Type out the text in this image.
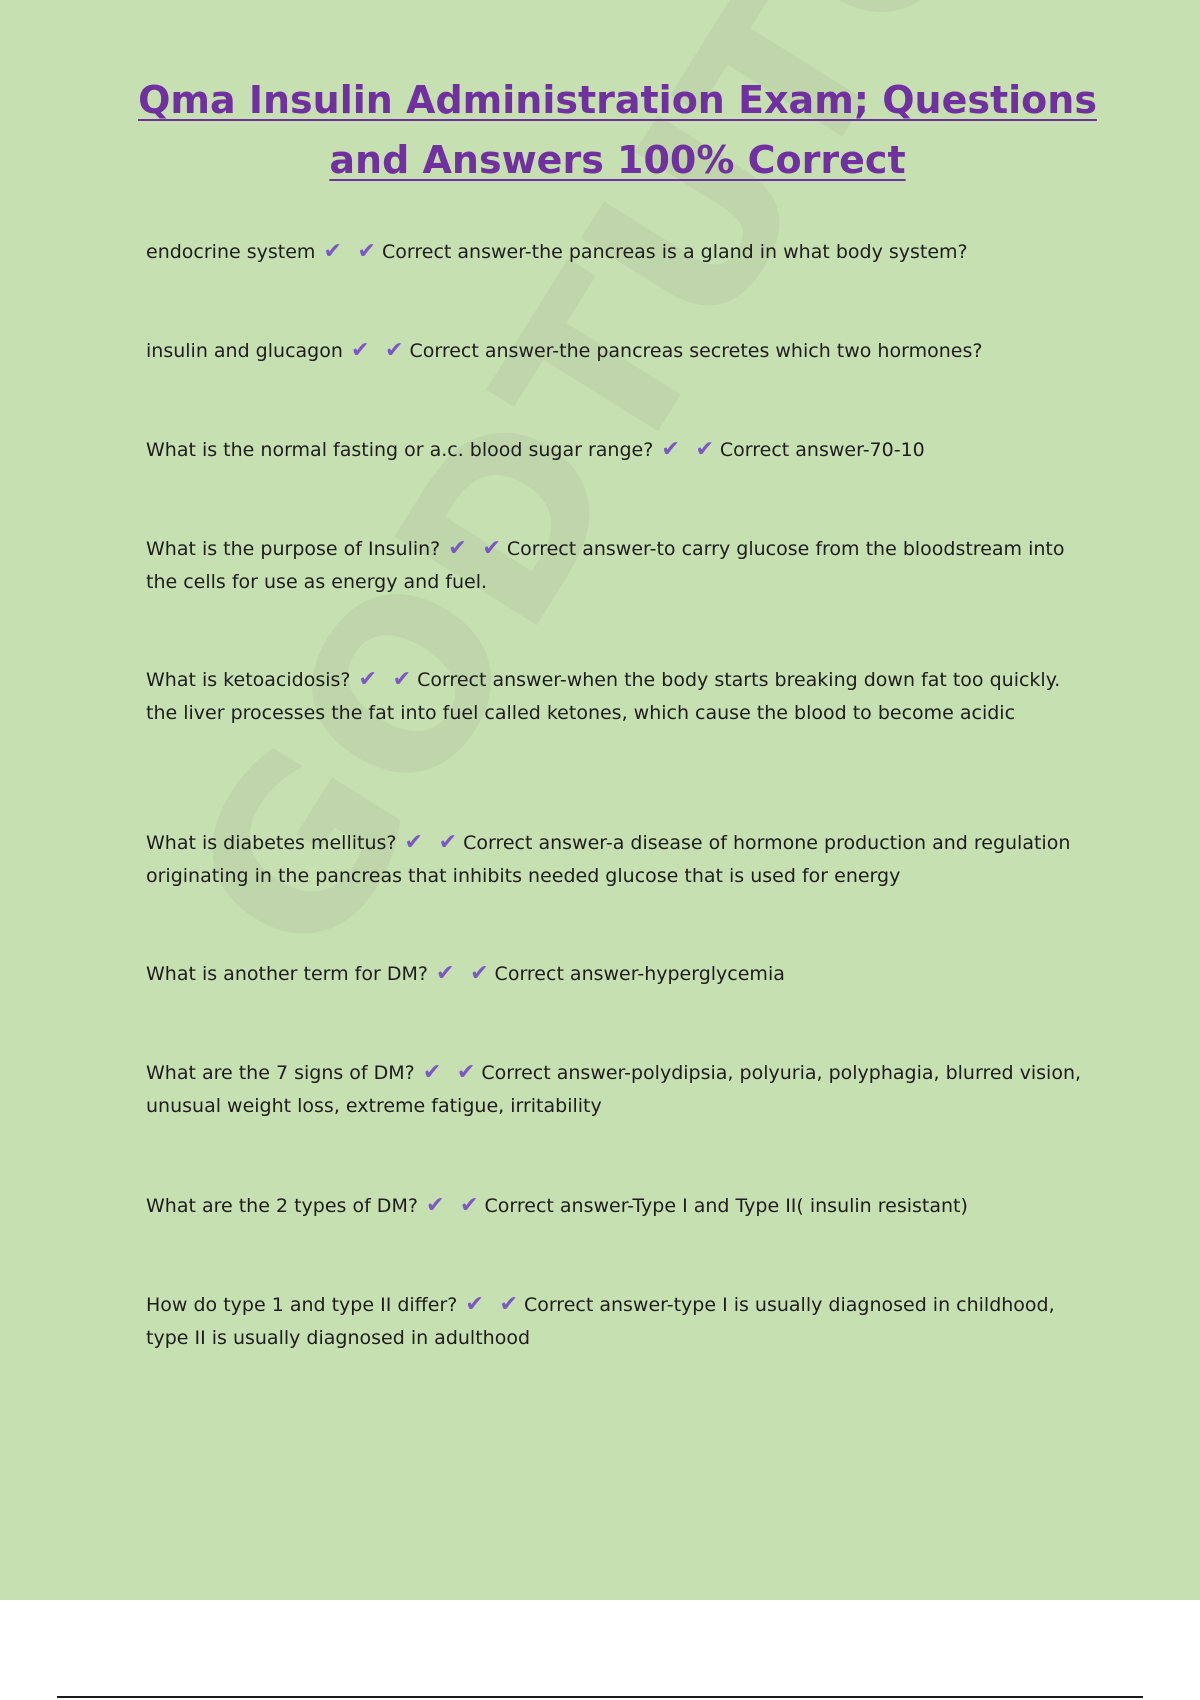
Qma Insulin Administration Exam; Questions and Answers 100% Correct

endocrine system ✔ ✔ Correct answer-the pancreas is a gland in what body system?

insulin and glucagon ✔ ✔ Correct answer-the pancreas secretes which two hormones?

What is the normal fasting or a.c. blood sugar range? ✔ ✔ Correct answer-70-10

What is the purpose of Insulin? ✔ ✔ Correct answer-to carry glucose from the bloodstream into the cells for use as energy and fuel.

What is ketoacidosis? ✔ ✔ Correct answer-when the body starts breaking down fat too quickly. the liver processes the fat into fuel called ketones, which cause the blood to become acidic

What is diabetes mellitus? ✔ ✔ Correct answer-a disease of hormone production and regulation originating in the pancreas that inhibits needed glucose that is used for energy

What is another term for DM? ✔ ✔ Correct answer-hyperglycemia

What are the 7 signs of DM? ✔ ✔ Correct answer-polydipsia, polyuria, polyphagia, blurred vision, unusual weight loss, extreme fatigue, irritability

What are the 2 types of DM? ✔ ✔ Correct answer-Type I and Type II( insulin resistant)

How do type 1 and type II differ? ✔ ✔ Correct answer-type I is usually diagnosed in childhood, type II is usually diagnosed in adulthood
